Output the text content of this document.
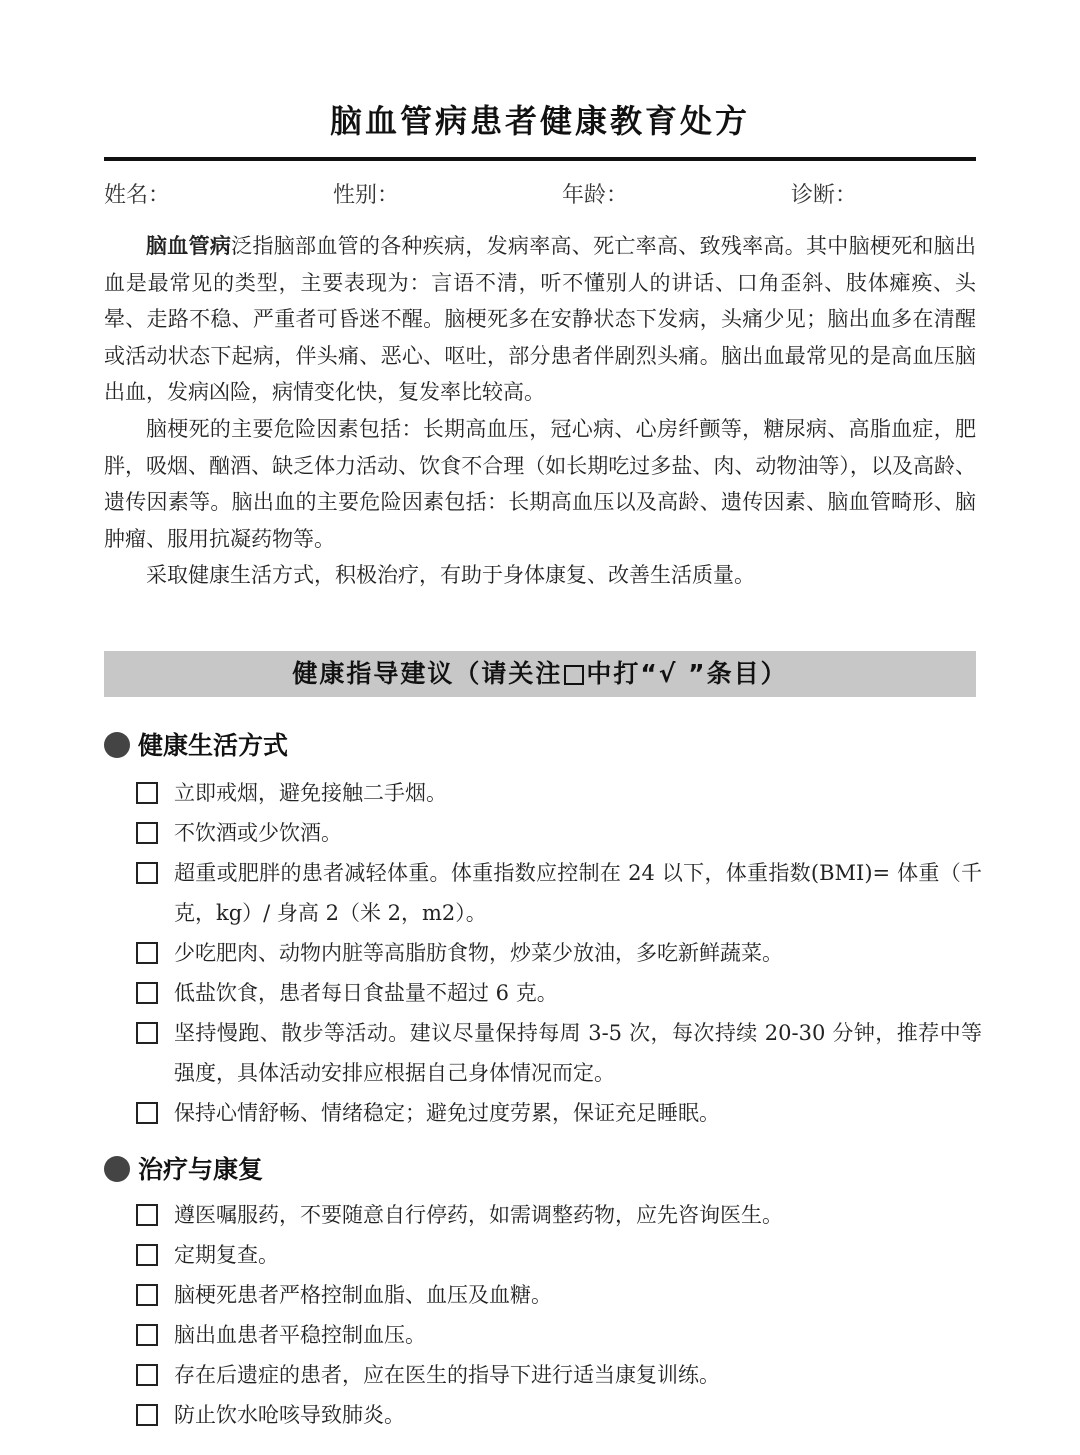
脑血管病患者健康教育处方
姓名：	性别：	年龄：	诊断：

脑血管病泛指脑部血管的各种疾病，发病率高、死亡率高、致残率高。其中脑梗死和脑出血是最常见的类型，主要表现为：言语不清，听不懂别人的讲话、口角歪斜、肢体瘫痪、头晕、走路不稳、严重者可昏迷不醒。脑梗死多在安静状态下发病，头痛少见；脑出血多在清醒或活动状态下起病，伴头痛、恶心、呕吐，部分患者伴剧烈头痛。脑出血最常见的是高血压脑出血，发病凶险，病情变化快，复发率比较高。

脑梗死的主要危险因素包括：长期高血压，冠心病、心房纤颤等，糖尿病、高脂血症，肥胖，吸烟、酗酒、缺乏体力活动、饮食不合理（如长期吃过多盐、肉、动物油等），以及高龄、遗传因素等。脑出血的主要危险因素包括：长期高血压以及高龄、遗传因素、脑血管畸形、脑肿瘤、服用抗凝药物等。

采取健康生活方式，积极治疗，有助于身体康复、改善生活质量。

健康指导建议（请关注 中打“√ ”条目）
健康生活方式
立即戒烟，避免接触二手烟。
不饮酒或少饮酒。
超重或肥胖的患者减轻体重。体重指数应控制在 24 以下，体重指数(BMI)= 体重（千克，kg）/ 身高 2（米 2，m2）。
少吃肥肉、动物内脏等高脂肪食物，炒菜少放油，多吃新鲜蔬菜。
低盐饮食，患者每日食盐量不超过 6 克。
坚持慢跑、散步等活动。建议尽量保持每周 3-5 次，每次持续 20-30 分钟，推荐中等强度，具体活动安排应根据自己身体情况而定。
保持心情舒畅、情绪稳定；避免过度劳累，保证充足睡眠。
治疗与康复
遵医嘱服药，不要随意自行停药，如需调整药物，应先咨询医生。
定期复查。
脑梗死患者严格控制血脂、血压及血糖。
脑出血患者平稳控制血压。
存在后遗症的患者，应在医生的指导下进行适当康复训练。
防止饮水呛咳导致肺炎。
